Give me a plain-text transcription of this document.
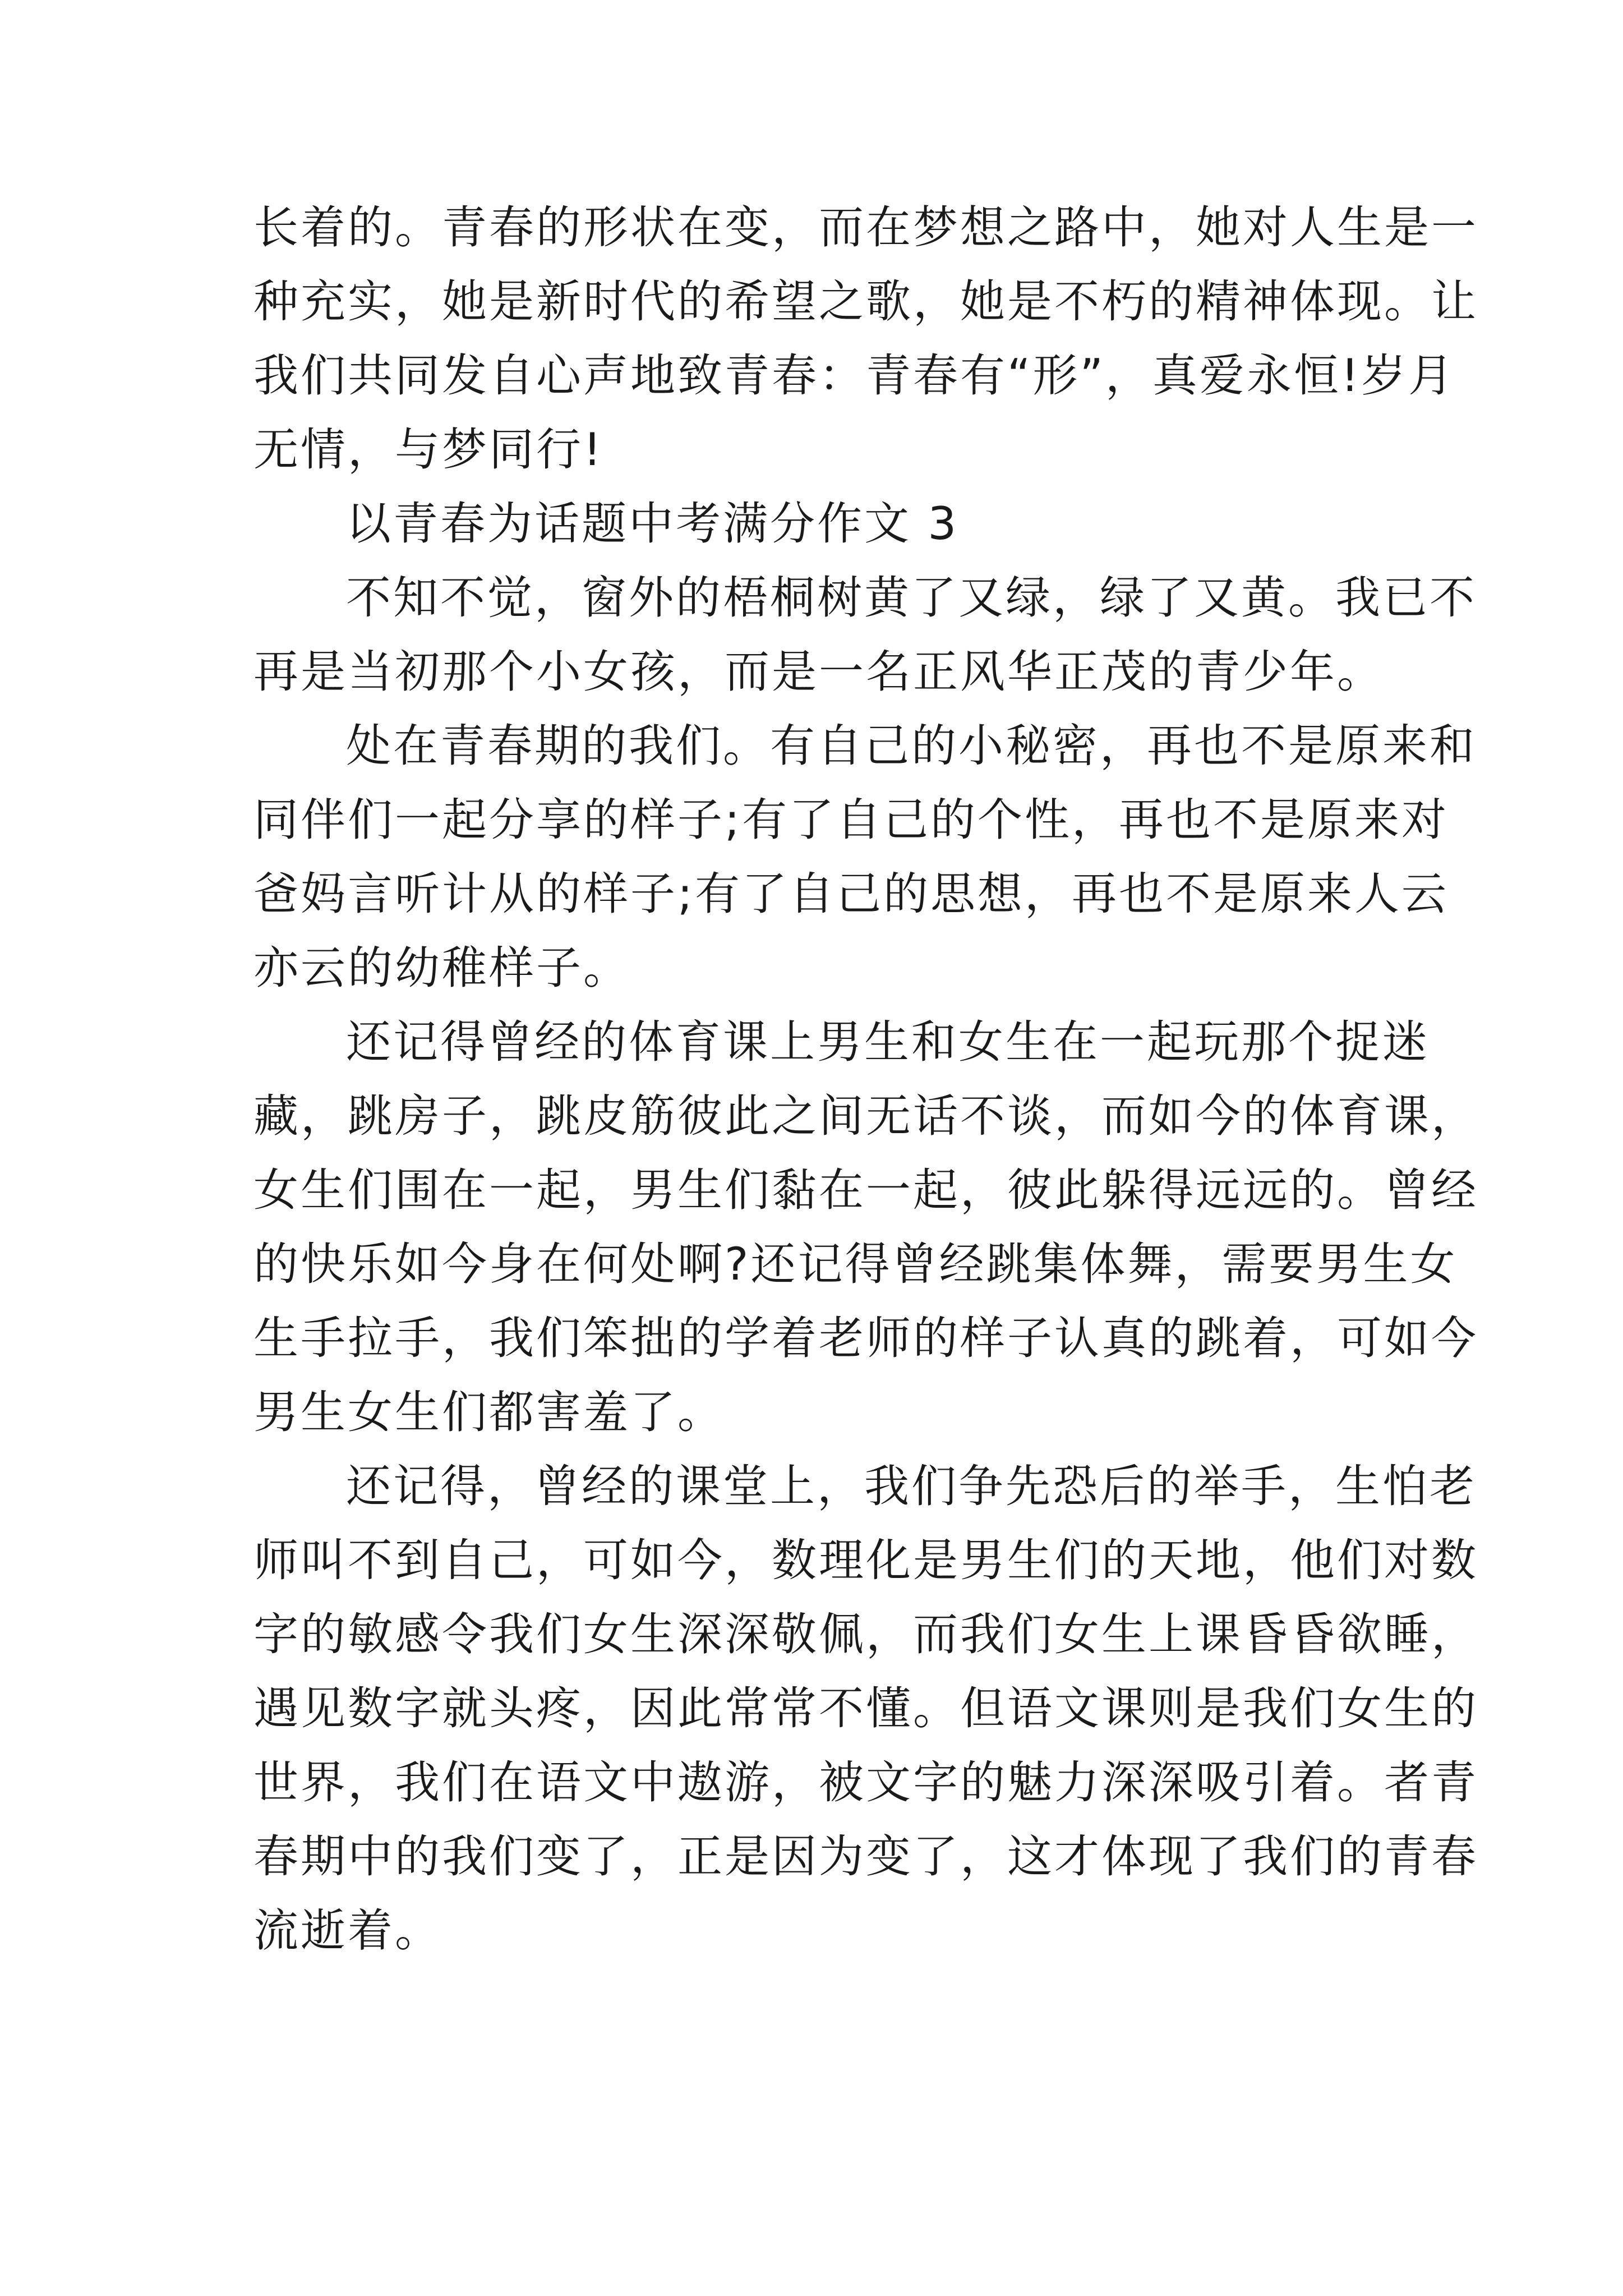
长着的。青春的形状在变，而在梦想之路中，她对人生是一
种充实，她是新时代的希望之歌，她是不朽的精神体现。让
我们共同发自心声地致青春：青春有“形”，真爱永恒!岁月
无情，与梦同行!
以青春为话题中考满分作文 3
不知不觉，窗外的梧桐树黄了又绿，绿了又黄。我已不
再是当初那个小女孩，而是一名正风华正茂的青少年。
处在青春期的我们。有自己的小秘密，再也不是原来和
同伴们一起分享的样子;有了自己的个性，再也不是原来对
爸妈言听计从的样子;有了自己的思想，再也不是原来人云
亦云的幼稚样子。
还记得曾经的体育课上男生和女生在一起玩那个捉迷
藏，跳房子，跳皮筋彼此之间无话不谈，而如今的体育课，
女生们围在一起，男生们黏在一起，彼此躲得远远的。曾经
的快乐如今身在何处啊?还记得曾经跳集体舞，需要男生女
生手拉手，我们笨拙的学着老师的样子认真的跳着，可如今
男生女生们都害羞了。
还记得，曾经的课堂上，我们争先恐后的举手，生怕老
师叫不到自己，可如今，数理化是男生们的天地，他们对数
字的敏感令我们女生深深敬佩，而我们女生上课昏昏欲睡，
遇见数字就头疼，因此常常不懂。但语文课则是我们女生的
世界，我们在语文中遨游，被文字的魅力深深吸引着。者青
春期中的我们变了，正是因为变了，这才体现了我们的青春
流逝着。
